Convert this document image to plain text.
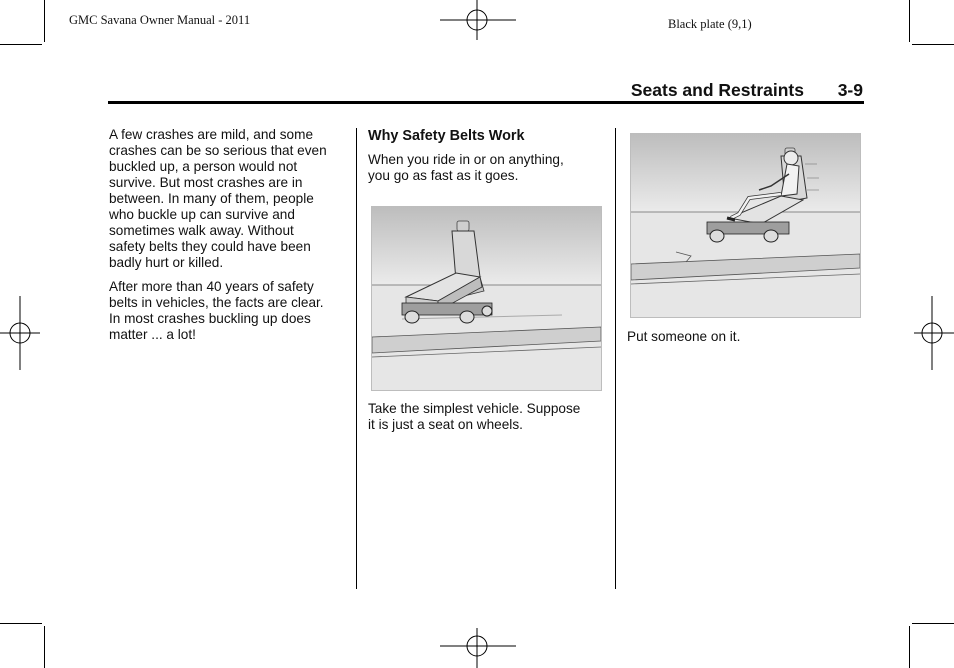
GMC Savana Owner Manual - 2011	Black plate (9,1)
Seats and Restraints 3-9

A few crashes are mild, and some
crashes can be so serious that even
buckled up, a person would not
survive. But most crashes are in
between. In many of them, people
who buckle up can survive and
sometimes walk away. Without
safety belts they could have been
badly hurt or killed.

After more than 40 years of safety
belts in vehicles, the facts are clear.
In most crashes buckling up does
matter ... a lot!

Why Safety Belts Work

When you ride in or on anything,
you go as fast as it goes.

Take the simplest vehicle. Suppose
it is just a seat on wheels.
Put someone on it.
